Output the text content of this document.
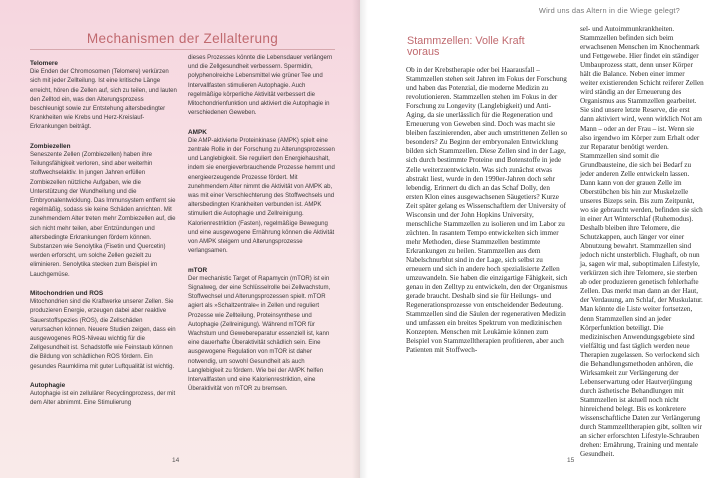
Mechanismen der Zellalterung
Telomere

Die Enden der Chromosomen (Telomere) verkürzen sich mit jeder Zellteilung. Ist eine kritische Länge erreicht, hören die Zellen auf, sich zu teilen, und lauten den Zelltod ein, was den Alterungsprozess beschleunigt sowie zur Entstehung altersbedingter Krankheiten wie Krebs und Herz-Kreislauf-Erkrankungen beiträgt.

Zombiezellen

Seneszente Zellen (Zombiezellen) haben ihre Teilungsfähigkeit verloren, sind aber weiterhin stoffwechselaktiv. In jungen Jahren erfüllen Zombiezellen nützliche Aufgaben, wie die Unterstützung der Wundheilung und die Embryonalentwicklung. Das Immunsystem entfernt sie regelmäßig, sodass sie keine Schäden anrichten. Mit zunehmendem Alter treten mehr Zombiezellen auf, die sich nicht mehr teilen, aber Entzündungen und altersbedingte Erkrankungen fördern können. Substanzen wie Senolytika (Fisetin und Quercetin) werden erforscht, um solche Zellen gezielt zu eliminieren. Senolytika stecken zum Beispiel im Lauchgemüse.

Mitochondrien und ROS

Mitochondrien sind die Kraftwerke unserer Zellen. Sie produzieren Energie, erzeugen dabei aber reaktive Sauerstoffspezies (ROS), die Zellschäden verursachen können. Neuere Studien zeigen, dass ein ausgewogenes ROS-Niveau wichtig für die Zellgesundheit ist. Schadstoffe wie Feinstaub können die Bildung von schädlichen ROS fördern. Ein gesundes Raumklima mit guter Luftqualität ist wichtig.

Autophagie

Autophagie ist ein zellulärer Recyclingprozess, der mit dem Alter abnimmt. Eine Stimulierung

dieses Prozesses könnte die Lebensdauer verlängern und die Zellgesundheit verbessern. Spermidin, polyphenolreiche Lebensmittel wie grüner Tee und Intervallfasten stimulieren Autophagie. Auch regelmäßige körperliche Aktivität verbessert die Mitochondrienfunktion und aktiviert die Autophagie in verschiedenen Geweben.

AMPK

Die AMP-aktivierte Proteinkinase (AMPK) spielt eine zentrale Rolle in der Forschung zu Alterungsprozessen und Langlebigkeit. Sie reguliert den Energiehaushalt, indem sie energieverbrauchende Prozesse hemmt und energieerzeugende Prozesse fördert. Mit zunehmendem Alter nimmt die Aktivität von AMPK ab, was mit einer Verschlechterung des Stoffwechsels und altersbedingten Krankheiten verbunden ist. AMPK stimuliert die Autophagie und Zellreinigung. Kalorienrestriktion (Fasten), regelmäßige Bewegung und eine ausgewogene Ernährung können die Aktivität von AMPK steigern und Alterungsprozesse verlangsamen.

mTOR

Der mechanistic Target of Rapamycin (mTOR) ist ein Signalweg, der eine Schlüsselrolle bei Zellwachstum, Stoffwechsel und Alterungsprozessen spielt. mTOR agiert als »Schaltzentrale« in Zellen und reguliert Prozesse wie Zellteilung, Proteinsynthese und Autophagie (Zellreinigung). Während mTOR für Wachstum und Gewebereparatur essenziell ist, kann eine dauerhafte Überaktivität schädlich sein. Eine ausgewogene Regulation von mTOR ist daher notwendig, um sowohl Gesundheit als auch Langlebigkeit zu fördern. Wie bei der AMPK helfen Intervallfasten und eine Kalorienrestriktion, eine Überaktivität von mTOR zu bremsen.

14
Wird uns das Altern in die Wiege gelegt?
Stammzellen: Volle Kraft voraus

Ob in der Krebstherapie oder bei Haarausfall – Stammzellen stehen seit Jahren im Fokus der Forschung und haben das Potenzial, die moderne Medizin zu revolutionieren. Stammzellen stehen im Fokus in der Forschung zu Longevity (Langlebigkeit) und Anti-Aging, da sie unerlässlich für die Regeneration und Erneuerung von Geweben sind. Doch was macht sie bleiben faszinierenden, aber auch umstrittenen Zellen so besonders? Zu Beginn der embryonalen Entwicklung bilden sich Stammzellen. Diese Zellen sind in der Lage, sich durch bestimmte Proteine und Botenstoffe in jede Zelle weiterzuentwickeln. Was sich zunächst etwas abstrakt liest, wurde in den 1990er-Jahren doch sehr lebendig. Erinnert du dich an das Schaf Dolly, den ersten Klon eines ausgewachsenen Säugetiers? Kurze Zeit später gelang es Wissenschaftlern der University of Wisconsin und der John Hopkins University, menschliche Stammzellen zu isolieren und im Labor zu züchten. In rasantem Tempo entwickelten sich immer mehr Methoden, diese Stammzellen bestimmte Erkrankungen zu heilen. Stammzellen aus dem Nabelschnurblut sind in der Lage, sich selbst zu erneuern und sich in andere hoch spezialisierte Zellen umzuwandeln. Sie haben die einzigartige Fähigkeit, sich genau in den Zelltyp zu entwickeln, den der Organismus gerade braucht. Deshalb sind sie für Heilungs- und Regenerationsprozesse von entscheidender Bedeutung. Stammzellen sind die Säulen der regenerativen Medizin und umfassen ein breites Spektrum von medizinischen Konzepten. Menschen mit Leukämie können zum Beispiel von Stammzelltherapien profitieren, aber auch Patienten mit Stoffwech-

sel- und Autoimmunkrankheiten. Stammzellen befinden sich beim erwachsenen Menschen im Knochenmark und Fettgewebe. Hier findet ein ständiger Umbauprozess statt, denn unser Körper hält die Balance. Neben einer immer weiter existierenden Schicht reiferer Zellen wird ständig an der Erneuerung des Organismus aus Stammzellen gearbeitet. Sie sind unsere letzte Reserve, die erst dann aktiviert wird, wenn wirklich Not am Mann – oder an der Frau – ist. Wenn sie also irgendwo im Körper zum Erhalt oder zur Reparatur benötigt werden. Stammzellen sind somit die Grundbausteine, die sich bei Bedarf zu jeder anderen Zelle entwickeln lassen. Dann kann von der grauen Zelle im Oberstübchen bis hin zur Muskelzelle unseres Bizeps sein. Bis zum Zeitpunkt, wo sie gebraucht werden, befinden sie sich in einer Art Winterschlaf (Ruhemodus). Deshalb bleiben ihre Telomere, die Schutzkappen, auch länger vor einer Abnutzung bewahrt. Stammzellen sind jedoch nicht unsterblich. Flughaft, ob nun ja, sagen wir mal, suboptimalen Lifestyle, verkürzen sich ihre Telomere, sie sterben ab oder produzieren genetisch fehlerhafte Zellen. Das merkt man dann an der Haut, der Verdauung, am Schlaf, der Muskulatur. Man könnte die Liste weiter fortsetzen, denn Stammzellen sind an jeder Körperfunktion beteiligt. Die medizinischen Anwendungsgebiete sind vielfältig und fast täglich werden neue Therapien zugelassen. So verlockend sich die Behandlungsmethoden anhören, die Wirksamkeit zur Verlängerung der Lebenserwartung oder Hautverjüngung durch ästhetische Behandlungen mit Stammzellen ist aktuell noch nicht hinreichend belegt. Bis es konkretere wissenschaftliche Daten zur Verlängerung durch Stammzelltherapien gibt, sollten wir an sicher erforschten Lifestyle-Schrauben drehen: Ernährung, Training und mentale Gesundheit.

15
